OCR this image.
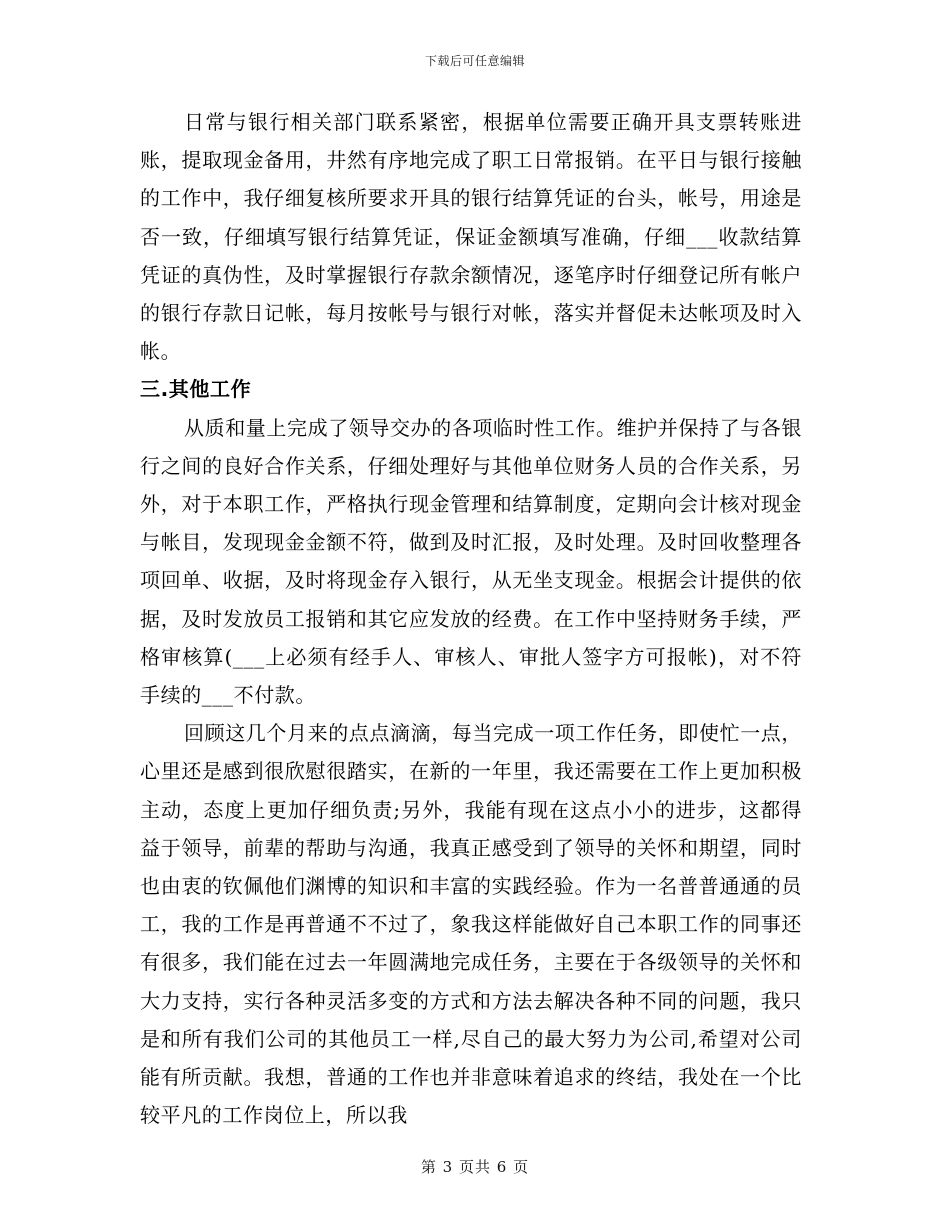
下载后可任意编辑

日常与银行相关部门联系紧密，根据单位需要正确开具支票转账进账，提取现金备用，井然有序地完成了职工日常报销。在平日与银行接触的工作中，我仔细复核所要求开具的银行结算凭证的台头，帐号，用途是否一致，仔细填写银行结算凭证，保证金额填写准确，仔细___收款结算凭证的真伪性，及时掌握银行存款余额情况，逐笔序时仔细登记所有帐户的银行存款日记帐，每月按帐号与银行对帐，落实并督促未达帐项及时入帐。

三.其他工作

从质和量上完成了领导交办的各项临时性工作。维护并保持了与各银行之间的良好合作关系，仔细处理好与其他单位财务人员的合作关系，另外，对于本职工作，严格执行现金管理和结算制度，定期向会计核对现金与帐目，发现现金金额不符，做到及时汇报，及时处理。及时回收整理各项回单、收据，及时将现金存入银行，从无坐支现金。根据会计提供的依据，及时发放员工报销和其它应发放的经费。在工作中坚持财务手续，严格审核算(___上必须有经手人、审核人、审批人签字方可报帐)，对不符手续的___不付款。

回顾这几个月来的点点滴滴，每当完成一项工作任务，即使忙一点，心里还是感到很欣慰很踏实，在新的一年里，我还需要在工作上更加积极主动，态度上更加仔细负责;另外，我能有现在这点小小的进步，这都得益于领导，前辈的帮助与沟通，我真正感受到了领导的关怀和期望，同时也由衷的钦佩他们渊博的知识和丰富的实践经验。作为一名普普通通的员工，我的工作是再普通不不过了，象我这样能做好自己本职工作的同事还有很多，我们能在过去一年圆满地完成任务，主要在于各级领导的关怀和大力支持，实行各种灵活多变的方式和方法去解决各种不同的问题，我只是和所有我们公司的其他员工一样,尽自己的最大努力为公司,希望对公司能有所贡献。我想，普通的工作也并非意味着追求的终结，我处在一个比较平凡的工作岗位上，所以我

第 3 页共 6 页
